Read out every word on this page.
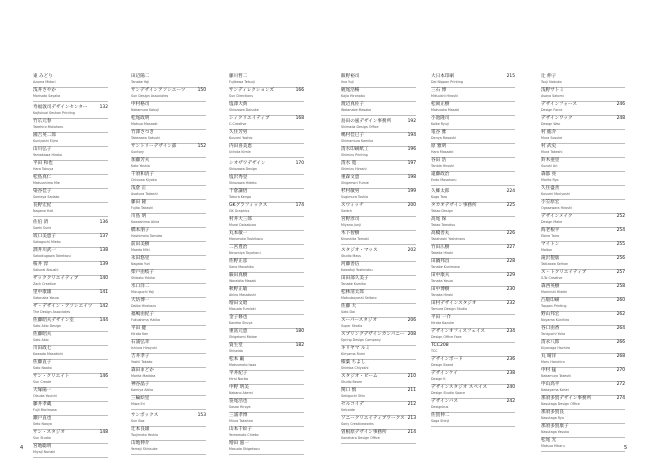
東 みどり
Azuma Midori
浅井さやか
Morisato Sayaka
寿福敦司デザインセンター
Kojfukuai Seshan Printing
132
竹広元春
Takehiro Motoharu
國吉英二郎
Kuniyoshi Eijiro
山川弘子
Yamakawa Hiroko
平田 和也
Hara Tokuya
松島真仁
Matsushima Mie
染谷佳子
Someya Sadako
長野宏紀
Nagano Yuki
佐伯 済
Saeki Sumi
136
坂口美恵子
Sakaguchi Mieko
137
酒井川武一
Sakaikugawa Takekazu
138
桜井 淳
Sakurai Atsushi
139
ザッククリエイティブ
Zack Creative
140
里中康雄
Satonaka Yasuo
141
ザ・デザイン・アソシエイツ
The Design Associates
142
佐藤昭夫デザイン室
Sato Akio Design
144
佐藤昭夫
Sato Akio
川田政七
Kawada Masakichi
佐藤直子
Sato Naoko
サン・クリエイト
Sun Create
146
大塚陽一
Otsuka Youichi
藤井孝蔵
Fujii Morimasa
瀬戸直也
Seto Naoya
サン・スタジオ
Sun Studio
148
宮地聡明
Miyaji Noriaki
田辺陽二
Tanabe Yoji
サンデザインアソシエーツ
Sun Design Associates
150
中村格司
Nakamura Kakuji
松尾政明
Matsuo Masaaki
竹澤さつき
Takezawa Satsuki
サントリーデザイン部
Suntory
152
加藤芳夫
Kato Yoshio
千須和清子
Chisuwa Kiyoko
浅倉 正
Asakura Tadashi
藤田 隆
Fujita Takashi
川島 明
Kawashima Akira
橋本朋子
Hashimoto Tomoko
前田美樹
Maeda Miki
永田悠里
Nagata Yuri
柴戸由岐子
Shibato Yukiko
水口洋二
Mizuguchi Yoji
大坊博一
Daibo Hirokazu
福嶋由紀子
Fukushima Yukiko
平田 健
Hirata Ken
石浦弘幸
Ishiura Hiroyuki
吉井孝子
Yoshii Takako
森田まどか
Morita Madoka
神谷晶子
Kamiya Akiko
三輪絵里
Miwa Eri
サンボックス
Sun Box
153
辻本良雄
Tsujimoto Yoshio
山地伸介
Yamaji Shinsuke
藤川哲二
Fujikawa Tetsuji
サンディレクションズ
Sun Directions
166
塩澤大典
Shiozawa Daisuke
シィクリエイティブ
C-Creative
168
久住芳男
Kusumi Yoshio
内田喜美恵
Uchida Kimie
シオザワデザイン
Shiozawa Design
170
塩沢秀登
Shiozawa Hideto
十倉謙悟
Tokura Kengo
GKグラフィックス
GK Graphics
174
村井大三郎
Murai Daisaburo
丸本敏一
Marumoto Toshikazu
二宮豊治
Ninomiya Toyoharu
佐野正彦
Sano Masahiko
蕨田真樹
Warabita Masaki
秋野正敏
Akino Masatoshi
増田文昭
Masuda Fumiaki
金子修也
Kaneko Shuya
重富元恵
Shigetomi Motoe
180
資生堂
Shiseido
182
松本 巌
Matsumoto Iwao
平井紀子
Hirai Noriko
中野 明美
Nakano Akemi
笹尾浩也
Sasao Hiroya
三浦孝博
Miura Takahiro
山本千絵子
Yamamoto Chieko
増田 滋一
Masuda Shigekazu
飯野裕司
Iino Yuji
梶尾浩暢
Kajio Hironobu
渡辺真佐子
Watanabe Masako
島田の風デザイン事務所
Shimada Design Office
192
嶋村佳巳子
Shimamura Kamiko
194
清水印刷紙工
Shimizu Printing
196
清水 寛
Shimizu Hiroshi
197
重森文恵
Shigemori Fumie
198
杉村敏男
Sugimura Toshio
199
スウィッチ
Switch
200
宮野淳司
Miyano Junji
木下智樹
Kinoshita Tomoki
スタジオ・マッス
Studio Mass
202
河藤善信
Kawafuji Yoshinobu
田田部久美子
Tanabe Kumiko
松林清太郎
Matsubayashi Seitaro
佐藤 大
Sato Dai
スーパースタジオ
Super Studio
206
スプリングデザインカンパニー
Spring Design Company
208
キリヤマ ルミ
Kiriyama Rumi
榛葉 ちよし
Shimba Chiyoshi
スタジオ・ビーム
Studio Beam
210
関口 慎
Sekiguchi Shin
211
セルコイデ
Selcoide
212
ソニークリエイティブワークス
Sony Creativeworks
213
曽根原デザイン事務所
Sonehara Design Office
214
大日本印刷
Dai Nippon Printing
215
三石 博
Mitsuishi Hiroshi
松岡正樹
Matsuoka Masaki
小池隆司
Koike Ryuji
電谷 雅
Denya Masashi
原 雅明
Hara Masaaki
谷田 浩
Tanida Hiroshi
遠藤政治
Endo Masaharu
久郷太郎
Kugo Taro
224
タカオデザイン事務所
Takao Design
225
高尾 保
Takao Tamotsu
高橋善丸
Takahashi Yoshimaru
226
竹田広樹
Takeda Hiroki
227
田鍋邦昌
Tanabe Kunimasa
228
田中康夫
Tanaka Yasuo
229
田中博樹
Tanaka Hiroki
230
田村デザインスタジオ
Tamura Design Studio
232
平田 一介
Hirata Kazuke
デザインオフィスフェイス
Design Office Face
234
TCC208
TCC
デザインボード
Design Board
236
デザインケイ
Design K
238
デザインスタジオ スペイス
Design Studio Space
240
デザインバス
Designbus
242
佐賀伸二
Saga Shinji
辻 伸子
Tsuji Nobuko
浅野サトミ
Asano Satomi
デザインフォース
Design Force
246
デザインワック
Design Wac
248
村 総介
Mura Sosuke
村 武史
Mura Takeshi
鈴木亜里
Suzuki Ari
森都 亮
Morito Ryo
久住盛善
Kusumi Moriyoshi
小笠原宏
Ogasawara Hiroshi
デザインメイク
Design Make
252
海老根平
Ebine Taira
254
マイトン
Maiton
255
滝沢製版
Takizawa Seihan
256
ス・トクリエイティブ
S-To Creative
257
森西英樹
Morinishi Hideki
258
凸版印刷
Toppan Printing
260
野山邦宏
Noyama Kunihiro
262
谷口由香
Taniguchi Yuka
264
清永八郎
Kiyonaga Hachiro
266
丸 晴洋
Maru Haruhiro
268
中村 猛
Nakamura Takeshi
270
中山高平
Nakayama Kohei
272
那須多賀デザイン事務所
Nasutaga Design Office
274
那須多賀良
Nasutaga Ryo
那須多賀康子
Nasutaga Yasuko
松尾 光
Matsuo Hikaru
4	5
